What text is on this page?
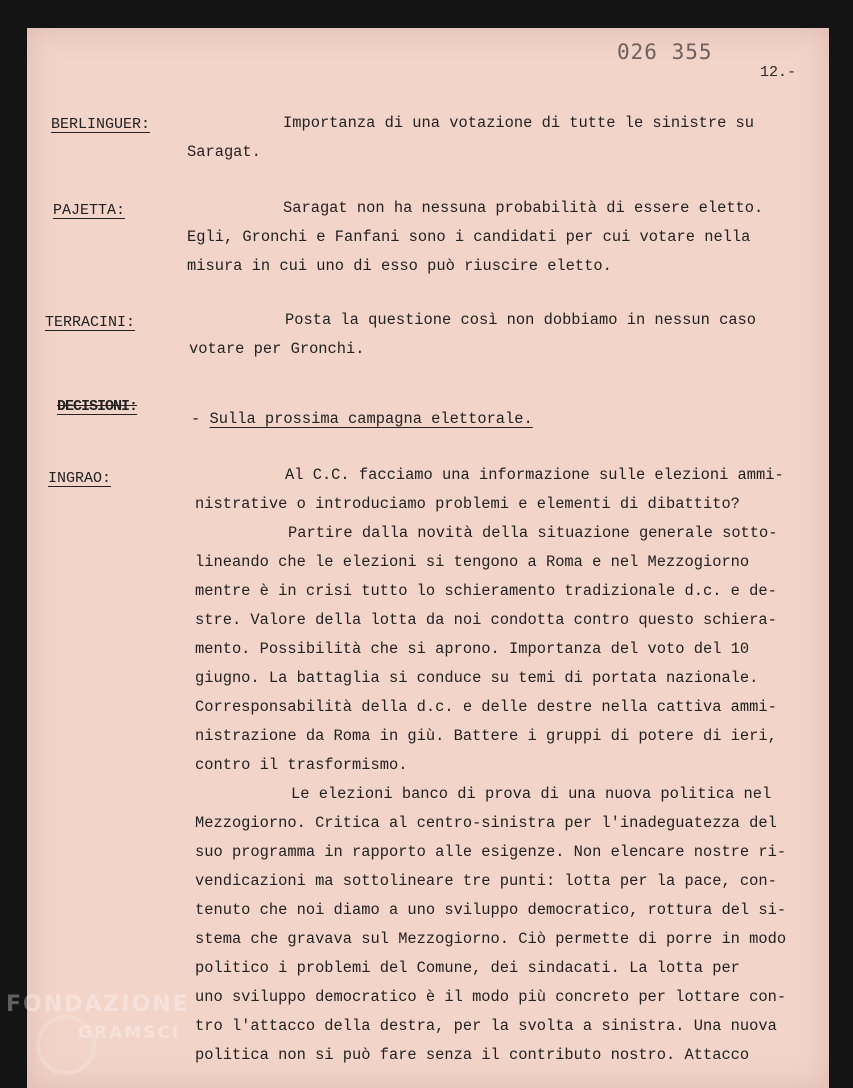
026 355
12.-
BERLINGUER:	Importanza di una votazione di tutte le sinistre su

Saragat.

PAJETTA:	Saragat non ha nessuna probabilità di essere eletto.

Egli, Gronchi e Fanfani sono i candidati per cui votare nella

misura in cui uno di esso può riuscire eletto.

TERRACINI:	Posta la questione così non dobbiamo in nessun caso

votare per Gronchi.

DECISIONI:
- Sulla prossima campagna elettorale.
INGRAO:	Al C.C. facciamo una informazione sulle elezioni ammi-

nistrative o introduciamo problemi e elementi di dibattito?

Partire dalla novità della situazione generale sotto-

lineando che le elezioni si tengono a Roma e nel Mezzogiorno

mentre è in crisi tutto lo schieramento tradizionale d.c. e de-

stre. Valore della lotta da noi condotta contro questo schiera-

mento. Possibilità che si aprono. Importanza del voto del 10

giugno. La battaglia si conduce su temi di portata nazionale.

Corresponsabilità della d.c. e delle destre nella cattiva ammi-

nistrazione da Roma in giù. Battere i gruppi di potere di ieri,

contro il trasformismo.

Le elezioni banco di prova di una nuova politica nel

Mezzogiorno. Critica al centro-sinistra per l'inadeguatezza del

suo programma in rapporto alle esigenze. Non elencare nostre ri-

vendicazioni ma sottolineare tre punti: lotta per la pace, con-

tenuto che noi diamo a uno sviluppo democratico, rottura del si-

stema che gravava sul Mezzogiorno. Ciò permette di porre in modo

politico i problemi del Comune, dei sindacati. La lotta per

uno sviluppo democratico è il modo più concreto per lottare con-

tro l'attacco della destra, per la svolta a sinistra. Una nuova

politica non si può fare senza il contributo nostro. Attacco

FONDAZIONE
GRAMSCI
